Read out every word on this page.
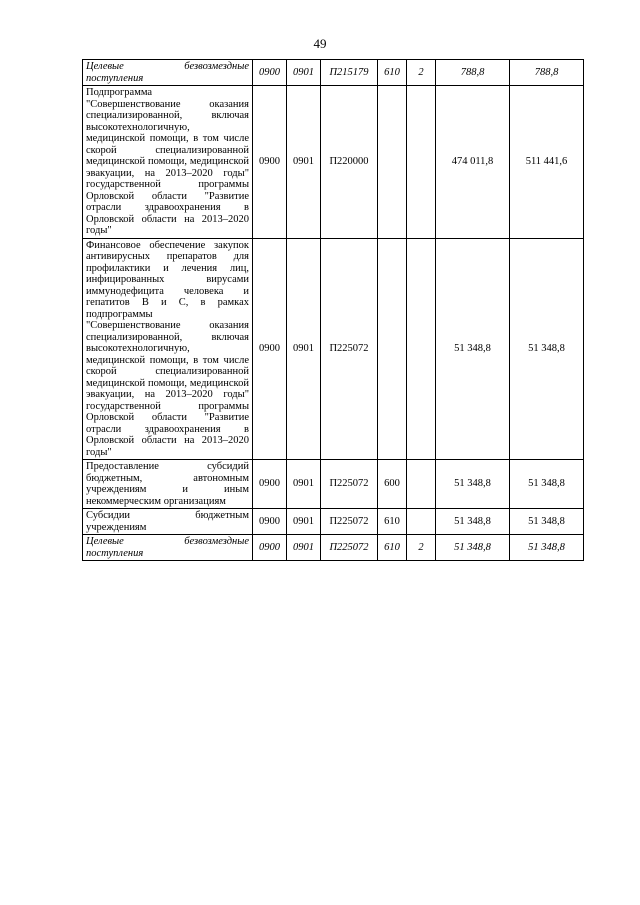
49
Целевые безвозмездные поступления	0900	0901	П215179	610	2	788,8	788,8
Подпрограмма "Совершенствование оказания специализированной, включая высокотехнологичную, медицинской помощи, в том числе скорой специализированной медицинской помощи, медицинской эвакуации, на 2013–2020 годы" государственной программы Орловской области "Развитие отрасли здравоохранения в Орловской области на 2013–2020 годы"	0900	0901	П220000			474 011,8	511 441,6
Финансовое обеспечение закупок антивирусных препаратов для профилактики и лечения лиц, инфицированных вирусами иммунодефицита человека и гепатитов В и С, в рамках подпрограммы "Совершенствование оказания специализированной, включая высокотехнологичную, медицинской помощи, в том числе скорой специализированной медицинской помощи, медицинской эвакуации, на 2013–2020 годы" государственной программы Орловской области "Развитие отрасли здравоохранения в Орловской области на 2013–2020 годы"	0900	0901	П225072			51 348,8	51 348,8
Предоставление субсидий бюджетным, автономным учреждениям и иным некоммерческим организациям	0900	0901	П225072	600		51 348,8	51 348,8
Субсидии бюджетным учреждениям	0900	0901	П225072	610		51 348,8	51 348,8
Целевые безвозмездные поступления	0900	0901	П225072	610	2	51 348,8	51 348,8
